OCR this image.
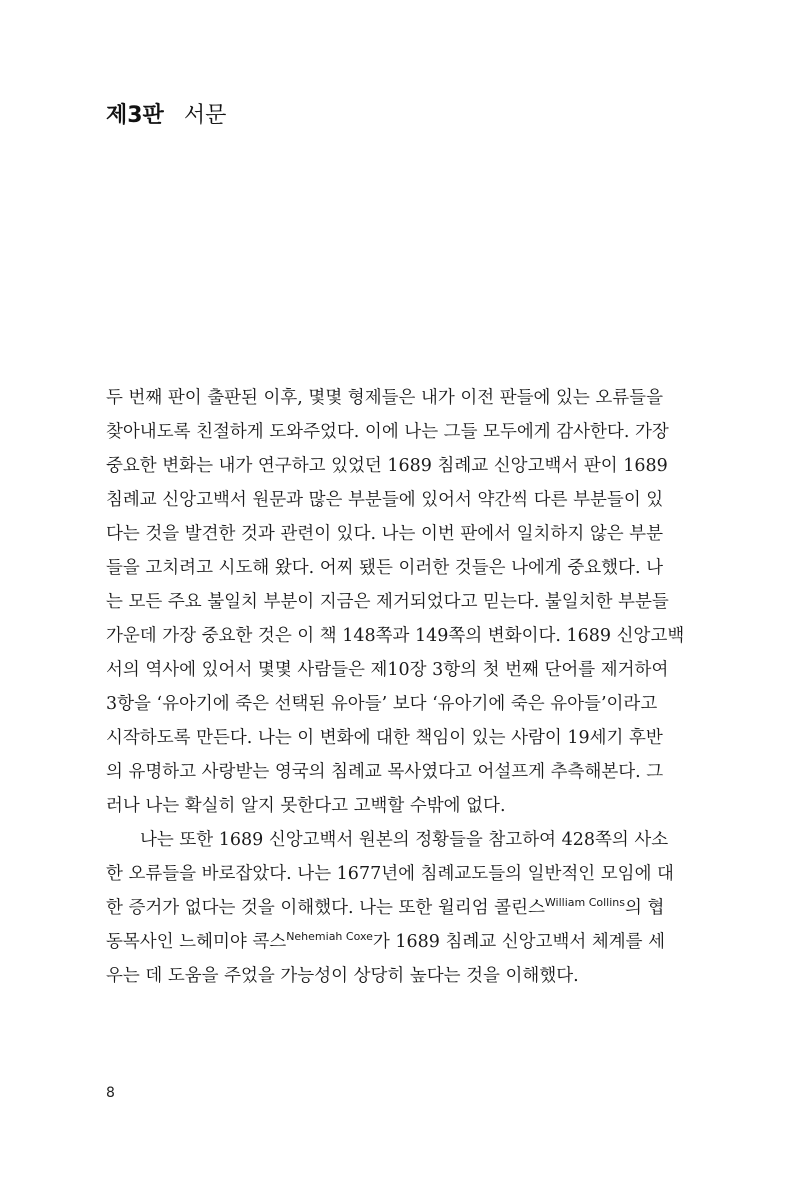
제3판 서문
두 번째 판이 출판된 이후, 몇몇 형제들은 내가 이전 판들에 있는 오류들을
찾아내도록 친절하게 도와주었다. 이에 나는 그들 모두에게 감사한다. 가장
중요한 변화는 내가 연구하고 있었던 1689 침례교 신앙고백서 판이 1689
침례교 신앙고백서 원문과 많은 부분들에 있어서 약간씩 다른 부분들이 있
다는 것을 발견한 것과 관련이 있다. 나는 이번 판에서 일치하지 않은 부분
들을 고치려고 시도해 왔다. 어찌 됐든 이러한 것들은 나에게 중요했다. 나
는 모든 주요 불일치 부분이 지금은 제거되었다고 믿는다. 불일치한 부분들
가운데 가장 중요한 것은 이 책 148쪽과 149쪽의 변화이다. 1689 신앙고백
서의 역사에 있어서 몇몇 사람들은 제10장 3항의 첫 번째 단어를 제거하여
3항을 ‘유아기에 죽은 선택된 유아들’ 보다 ‘유아기에 죽은 유아들’이라고
시작하도록 만든다. 나는 이 변화에 대한 책임이 있는 사람이 19세기 후반
의 유명하고 사랑받는 영국의 침례교 목사였다고 어설프게 추측해본다. 그
러나 나는 확실히 알지 못한다고 고백할 수밖에 없다.
나는 또한 1689 신앙고백서 원본의 정황들을 참고하여 428쪽의 사소
한 오류들을 바로잡았다. 나는 1677년에 침례교도들의 일반적인 모임에 대
한 증거가 없다는 것을 이해했다. 나는 또한 윌리엄 콜린스$^{William Collins}$의 협
동목사인 느헤미야 콕스$^{Nehemiah Coxe}$가 1689 침례교 신앙고백서 체계를 세
우는 데 도움을 주었을 가능성이 상당히 높다는 것을 이해했다.
8
